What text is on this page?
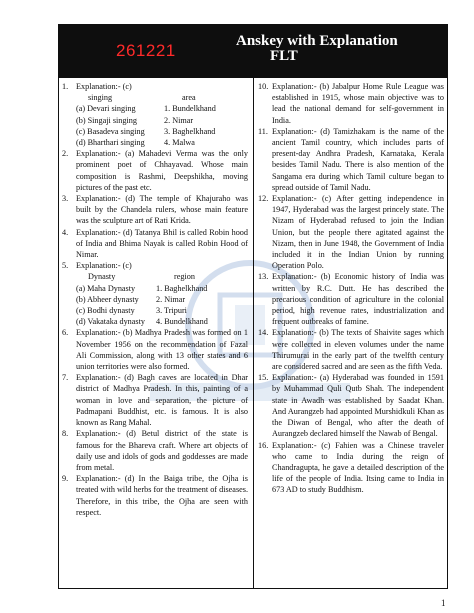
261221	Anskey with Explanation
FLT
1. Explanation:- (c)
singing	area
(a) Devari singing	1. Bundelkhand
(b) Singaji singing	2. Nimar
(c) Basadeva singing	3. Baghelkhand
(d) Bharthari singing	4. Malwa
2. Explanation:- (a) Mahadevi Verma was the only prominent poet of Chhayavad. Whose main composition is Rashmi, Deepshikha, moving pictures of the past etc.
3. Explanation:- (d) The temple of Khajuraho was built by the Chandela rulers, whose main feature was the sculpture art of Rati Krida.
4. Explanation:- (d) Tatanya Bhil is called Robin hood of India and Bhima Nayak is called Robin Hood of Nimar.
5. Explanation:- (c)
Dynasty	region
(a) Maha Dynasty	1. Baghelkhand
(b) Abheer dynasty	2. Nimar
(c) Bodhi dynasty	3. Tripuri
(d) Vakataka dynasty	4. Bundelkhand
6. Explanation:- (b) Madhya Pradesh was formed on 1 November 1956 on the recommendation of Fazal Ali Commission, along with 13 other states and 6 union territories were also formed.
7. Explanation:- (d) Bagh caves are located in Dhar district of Madhya Pradesh. In this, painting of a woman in love and separation, the picture of Padmapani Buddhist, etc. is famous. It is also known as Rang Mahal.
8. Explanation:- (d) Betul district of the state is famous for the Bhareva craft. Where art objects of daily use and idols of gods and goddesses are made from metal.
9. Explanation:- (d) In the Baiga tribe, the Ojha is treated with wild herbs for the treatment of diseases. Therefore, in this tribe, the Ojha are seen with respect.
10. Explanation:- (b) Jabalpur Home Rule League was established in 1915, whose main objective was to lead the national demand for self-government in India.
11. Explanation:- (d) Tamizhakam is the name of the ancient Tamil country, which includes parts of present-day Andhra Pradesh, Karnataka, Kerala besides Tamil Nadu. There is also mention of the Sangama era during which Tamil culture began to spread outside of Tamil Nadu.
12. Explanation:- (c) After getting independence in 1947, Hyderabad was the largest princely state. The Nizam of Hyderabad refused to join the Indian Union, but the people there agitated against the Nizam, then in June 1948, the Government of India included it in the Indian Union by running Operation Polo.
13. Explanation:- (b) Economic history of India was written by R.C. Dutt. He has described the precarious condition of agriculture in the colonial period, high revenue rates, industrialization and frequent outbreaks of famine.
14. Explanation:- (b) The texts of Shaivite sages which were collected in eleven volumes under the name Thirumurai in the early part of the twelfth century are considered sacred and are seen as the fifth Veda.
15. Explanation:- (a) Hyderabad was founded in 1591 by Muhammad Quli Qutb Shah. The independent state in Awadh was established by Saadat Khan. And Aurangzeb had appointed Murshidkuli Khan as the Diwan of Bengal, who after the death of Aurangzeb declared himself the Nawab of Bengal.
16. Explanation:- (c) Fahien was a Chinese traveler who came to India during the reign of Chandragupta, he gave a detailed description of the life of the people of India. Itsing came to India in 673 AD to study Buddhism.
1
